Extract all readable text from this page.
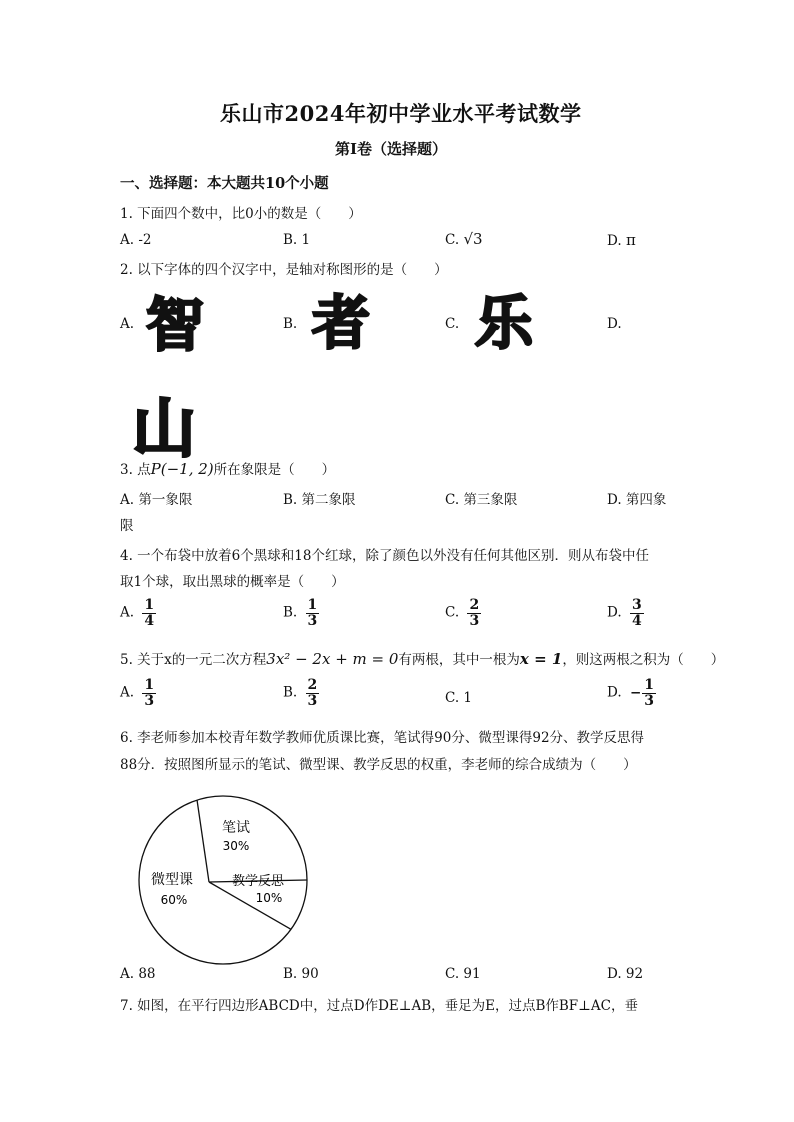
乐山市2024年初中学业水平考试数学
第Ⅰ卷（选择题）
一、选择题：本大题共10个小题
1. 下面四个数中，比0小的数是（　　）
A. -2	B. 1	C. √3	D. π
2. 以下字体的四个汉字中，是轴对称图形的是（　　）
A.	B.	C.	D.
智 者 乐
山
3. 点P(−1, 2)所在象限是（　　）
A. 第一象限	B. 第二象限	C. 第三象限	D. 第四象
限
4. 一个布袋中放着6个黑球和18个红球，除了颜色以外没有任何其他区别．则从布袋中任
取1个球，取出黑球的概率是（　　）
A. $\frac{1}{4}$	B. $\frac{1}{3}$	C. $\frac{2}{3}$	D. $\frac{3}{4}$
5. 关于x的一元二次方程3x² − 2x + m = 0有两根，其中一根为x = 1，则这两根之积为（　　）
A. $\frac{1}{3}$	B. $\frac{2}{3}$	C. 1	D. − $\frac{1}{3}$
6. 李老师参加本校青年数学教师优质课比赛，笔试得90分、微型课得92分、教学反思得
88分．按照图所显示的笔试、微型课、教学反思的权重，李老师的综合成绩为（　　）
笔试
30%
教学反思
10%
微型课
60%
A. 88	B. 90	C. 91	D. 92
7. 如图，在平行四边形ABCD中，过点D作DE⊥AB，垂足为E，过点B作BF⊥AC，垂
